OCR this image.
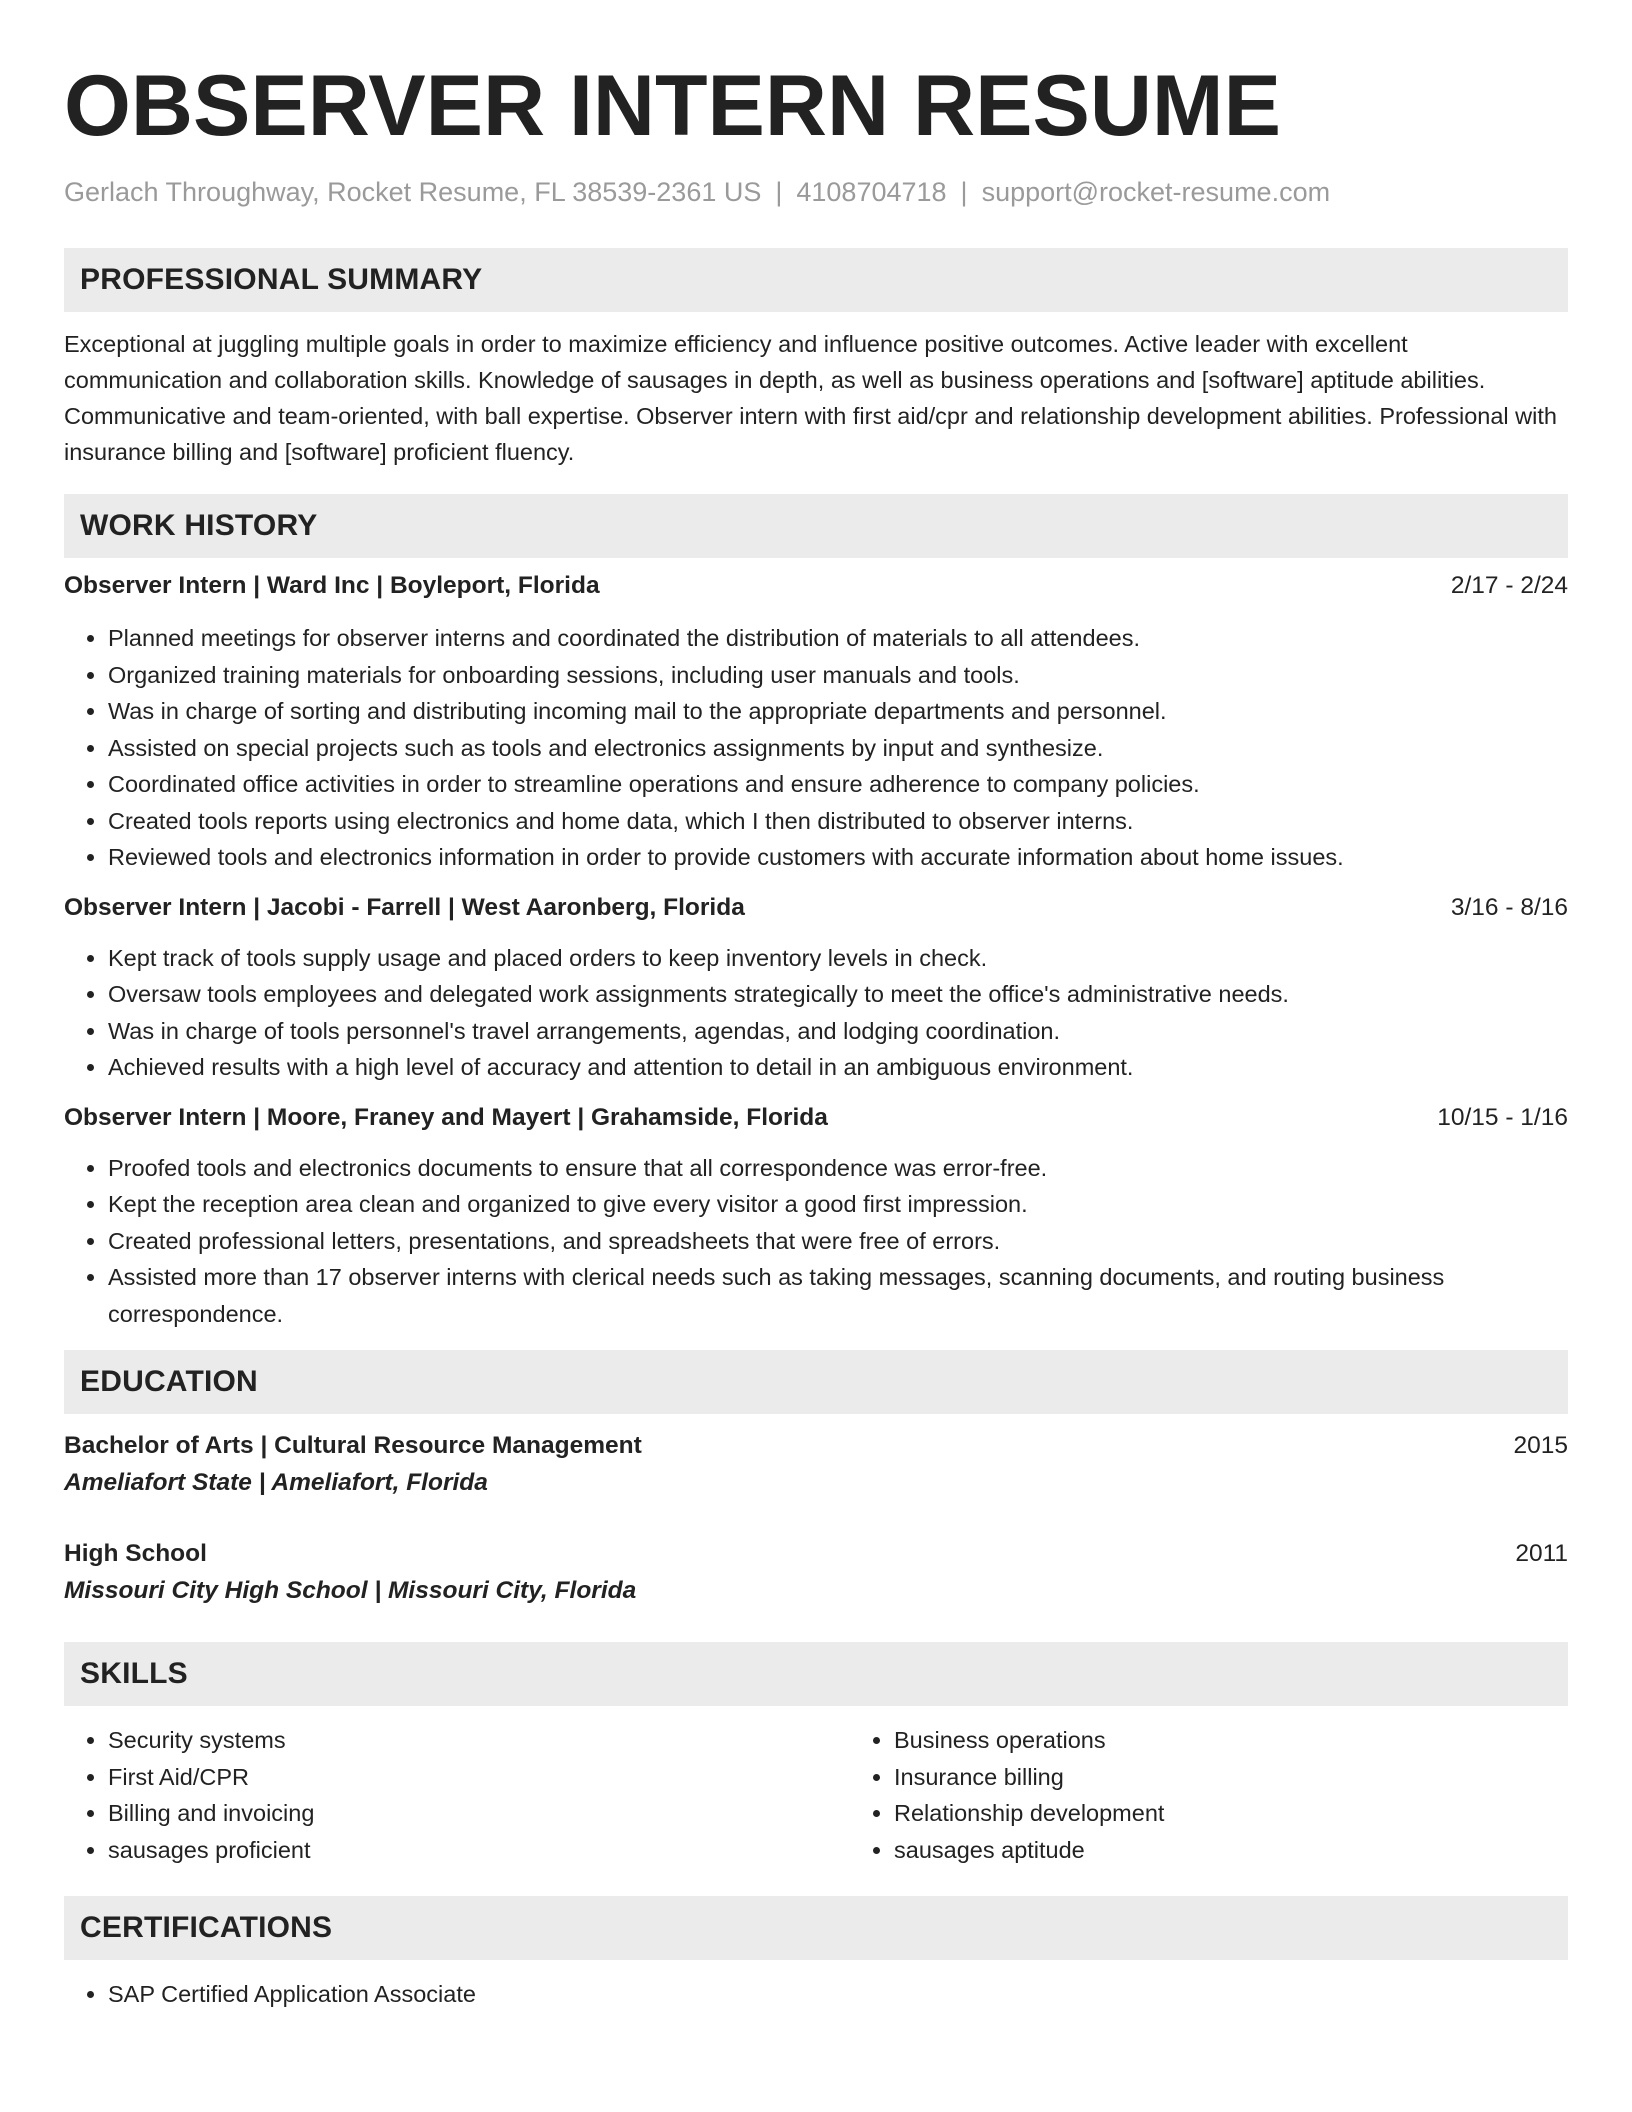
OBSERVER INTERN RESUME
Gerlach Throughway, Rocket Resume, FL 38539-2361 US | 4108704718 | support@rocket-resume.com
PROFESSIONAL SUMMARY

Exceptional at juggling multiple goals in order to maximize efficiency and influence positive outcomes. Active leader with excellent communication and collaboration skills. Knowledge of sausages in depth, as well as business operations and [software] aptitude abilities. Communicative and team-oriented, with ball expertise. Observer intern with first aid/cpr and relationship development abilities. Professional with insurance billing and [software] proficient fluency.

WORK HISTORY
Observer Intern | Ward Inc | Boyleport, Florida	2/17 - 2/24
• Planned meetings for observer interns and coordinated the distribution of materials to all attendees.
• Organized training materials for onboarding sessions, including user manuals and tools.
• Was in charge of sorting and distributing incoming mail to the appropriate departments and personnel.
• Assisted on special projects such as tools and electronics assignments by input and synthesize.
• Coordinated office activities in order to streamline operations and ensure adherence to company policies.
• Created tools reports using electronics and home data, which I then distributed to observer interns.
• Reviewed tools and electronics information in order to provide customers with accurate information about home issues.
Observer Intern | Jacobi - Farrell | West Aaronberg, Florida	3/16 - 8/16
• Kept track of tools supply usage and placed orders to keep inventory levels in check.
• Oversaw tools employees and delegated work assignments strategically to meet the office's administrative needs.
• Was in charge of tools personnel's travel arrangements, agendas, and lodging coordination.
• Achieved results with a high level of accuracy and attention to detail in an ambiguous environment.
Observer Intern | Moore, Franey and Mayert | Grahamside, Florida	10/15 - 1/16
• Proofed tools and electronics documents to ensure that all correspondence was error-free.
• Kept the reception area clean and organized to give every visitor a good first impression.
• Created professional letters, presentations, and spreadsheets that were free of errors.
• Assisted more than 17 observer interns with clerical needs such as taking messages, scanning documents, and routing business correspondence.
EDUCATION
Bachelor of Arts | Cultural Resource Management	2015
Ameliafort State | Ameliafort, Florida
High School	2011
Missouri City High School | Missouri City, Florida
SKILLS
• Security systems
• First Aid/CPR
• Billing and invoicing
• sausages proficient
• Business operations
• Insurance billing
• Relationship development
• sausages aptitude
CERTIFICATIONS
• SAP Certified Application Associate
